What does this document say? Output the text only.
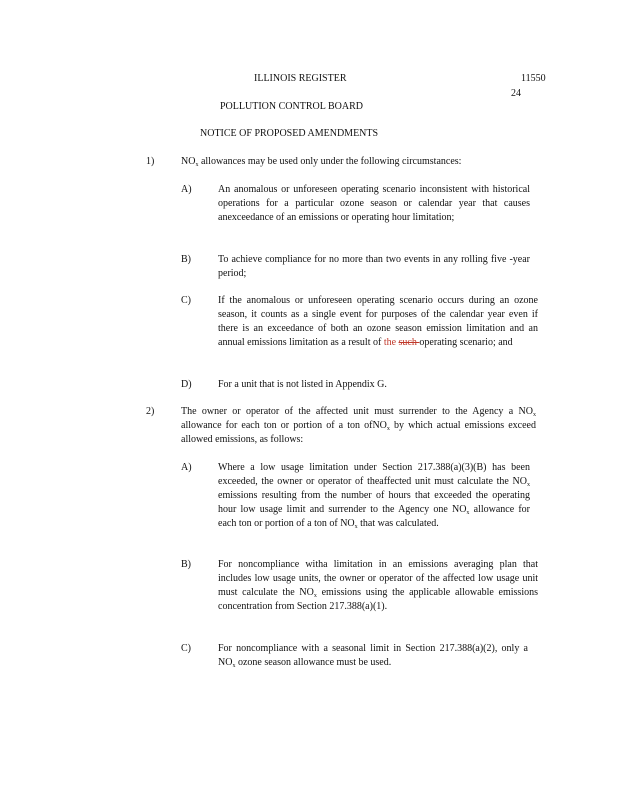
ILLINOIS REGISTER	11550
24
POLLUTION CONTROL BOARD
NOTICE OF PROPOSED AMENDMENTS
1)	$NO_x$ allowances may be used only under the following circumstances:
A)	An anomalous or unforeseen operating scenario inconsistent with historical operations for a particular ozone season or calendar year that causes anexceedance of an emissions or operating hour limitation;
B)	To achieve compliance for no more than two events in any rolling five -year period;
C)	If the anomalous or unforeseen operating scenario occurs during an ozone season, it counts as a single event for purposes of the calendar year even if there is an exceedance of both an ozone season emission limitation and an annual emissions limitation as a result of the such operating scenario; and
D)	For a unit that is not listed in Appendix G.
2)	The owner or operator of the affected unit must surrender to the Agency a $NO_x$ allowance for each ton or portion of a ton ofNO$_x$ by which actual emissions exceed allowed emissions, as follows:
A)	Where a low usage limitation under Section 217.388(a)(3)(B) has been exceeded, the owner or operator of theaffected unit must calculate the $NO_x$ emissions resulting from the number of hours that exceeded the operating hour low usage limit and surrender to the Agency one $NO_x$ allowance for each ton or portion of a ton of $NO_x$ that was calculated.
B)	For noncompliance witha limitation in an emissions averaging plan that includes low usage units, the owner or operator of the affected low usage unit must calculate the $NO_x$ emissions using the applicable allowable emissions concentration from Section 217.388(a)(1).
C)	For noncompliance with a seasonal limit in Section 217.388(a)(2), only a $NO_x$ ozone season allowance must be used.
